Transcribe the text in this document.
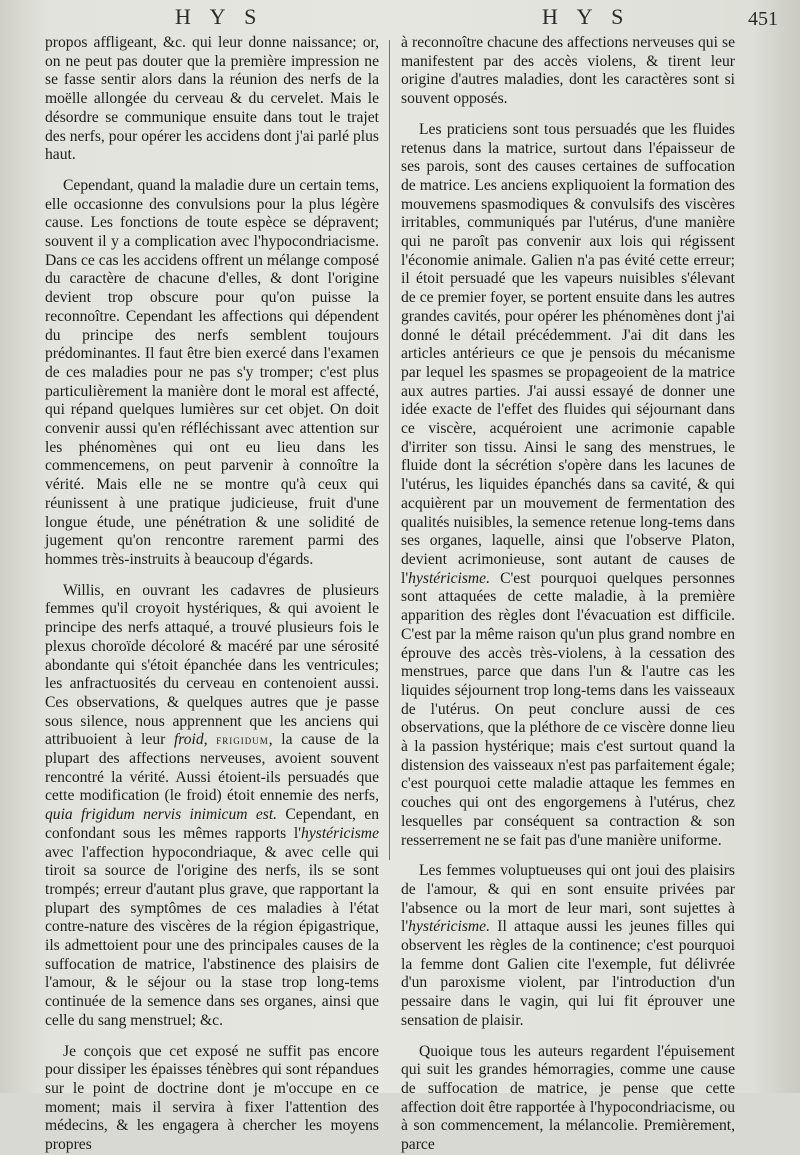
H Y S	H Y S	451

propos affligeant, &c. qui leur donne naissance; or, on ne peut pas douter que la première impression ne se fasse sentir alors dans la réunion des nerfs de la moëlle allongée du cerveau & du cervelet. Mais le désordre se communique ensuite dans tout le trajet des nerfs, pour opérer les accidens dont j'ai parlé plus haut.

Cependant, quand la maladie dure un certain tems, elle occasionne des convulsions pour la plus légère cause. Les fonctions de toute espèce se dépravent; souvent il y a complication avec l'hypocondriacisme. Dans ce cas les accidens offrent un mélange composé du caractère de chacune d'elles, & dont l'origine devient trop obscure pour qu'on puisse la reconnoître. Cependant les affections qui dépendent du principe des nerfs semblent toujours prédominantes. Il faut être bien exercé dans l'examen de ces maladies pour ne pas s'y tromper; c'est plus particulièrement la manière dont le moral est affecté, qui répand quelques lumières sur cet objet. On doit convenir aussi qu'en réfléchissant avec attention sur les phénomènes qui ont eu lieu dans les commencemens, on peut parvenir à connoître la vérité. Mais elle ne se montre qu'à ceux qui réunissent à une pratique judicieuse, fruit d'une longue étude, une pénétration & une solidité de jugement qu'on rencontre rarement parmi des hommes très-instruits à beaucoup d'égards.

Willis, en ouvrant les cadavres de plusieurs femmes qu'il croyoit hystériques, & qui avoient le principe des nerfs attaqué, a trouvé plusieurs fois le plexus choroïde décoloré & macéré par une sérosité abondante qui s'étoit épanchée dans les ventricules; les anfractuosités du cerveau en contenoient aussi. Ces observations, & quelques autres que je passe sous silence, nous apprennent que les anciens qui attribuoient à leur froid, frigidum, la cause de la plupart des affections nerveuses, avoient souvent rencontré la vérité. Aussi étoient-ils persuadés que cette modification (le froid) étoit ennemie des nerfs, quia frigidum nervis inimicum est. Cependant, en confondant sous les mêmes rapports l'hystéricisme avec l'affection hypocondriaque, & avec celle qui tiroit sa source de l'origine des nerfs, ils se sont trompés; erreur d'autant plus grave, que rapportant la plupart des symptômes de ces maladies à l'état contre-nature des viscères de la région épigastrique, ils admettoient pour une des principales causes de la suffocation de matrice, l'abstinence des plaisirs de l'amour, & le séjour ou la stase trop long-tems continuée de la semence dans ses organes, ainsi que celle du sang menstruel; &c.

Je conçois que cet exposé ne suffit pas encore pour dissiper les épaisses ténèbres qui sont répandues sur le point de doctrine dont je m'occupe en ce moment; mais il servira à fixer l'attention des médecins, & les engagera à chercher les moyens propres

à reconnoître chacune des affections nerveuses qui se manifestent par des accès violens, & tirent leur origine d'autres maladies, dont les caractères sont si souvent opposés.

Les praticiens sont tous persuadés que les fluides retenus dans la matrice, surtout dans l'épaisseur de ses parois, sont des causes certaines de suffocation de matrice. Les anciens expliquoient la formation des mouvemens spasmodiques & convulsifs des viscères irritables, communiqués par l'utérus, d'une manière qui ne paroît pas convenir aux lois qui régissent l'économie animale. Galien n'a pas évité cette erreur; il étoit persuadé que les vapeurs nuisibles s'élevant de ce premier foyer, se portent ensuite dans les autres grandes cavités, pour opérer les phénomènes dont j'ai donné le détail précédemment. J'ai dit dans les articles antérieurs ce que je pensois du mécanisme par lequel les spasmes se propageoient de la matrice aux autres parties. J'ai aussi essayé de donner une idée exacte de l'effet des fluides qui séjournant dans ce viscère, acquéroient une acrimonie capable d'irriter son tissu. Ainsi le sang des menstrues, le fluide dont la sécrétion s'opère dans les lacunes de l'utérus, les liquides épanchés dans sa cavité, & qui acquièrent par un mouvement de fermentation des qualités nuisibles, la semence retenue long-tems dans ses organes, laquelle, ainsi que l'observe Platon, devient acrimonieuse, sont autant de causes de l'hystéricisme. C'est pourquoi quelques personnes sont attaquées de cette maladie, à la première apparition des règles dont l'évacuation est difficile. C'est par la même raison qu'un plus grand nombre en éprouve des accès très-violens, à la cessation des menstrues, parce que dans l'un & l'autre cas les liquides séjournent trop long-tems dans les vaisseaux de l'utérus. On peut conclure aussi de ces observations, que la pléthore de ce viscère donne lieu à la passion hystérique; mais c'est surtout quand la distension des vaisseaux n'est pas parfaitement égale; c'est pourquoi cette maladie attaque les femmes en couches qui ont des engorgemens à l'utérus, chez lesquelles par conséquent sa contraction & son resserrement ne se fait pas d'une manière uniforme.

Les femmes voluptueuses qui ont joui des plaisirs de l'amour, & qui en sont ensuite privées par l'absence ou la mort de leur mari, sont sujettes à l'hystéricisme. Il attaque aussi les jeunes filles qui observent les règles de la continence; c'est pourquoi la femme dont Galien cite l'exemple, fut délivrée d'un paroxisme violent, par l'introduction d'un pessaire dans le vagin, qui lui fit éprouver une sensation de plaisir.

Quoique tous les auteurs regardent l'épuisement qui suit les grandes hémorragies, comme une cause de suffocation de matrice, je pense que cette affection doit être rapportée à l'hypocondriacisme, ou à son commencement, la mélancolie. Premièrement, parce
